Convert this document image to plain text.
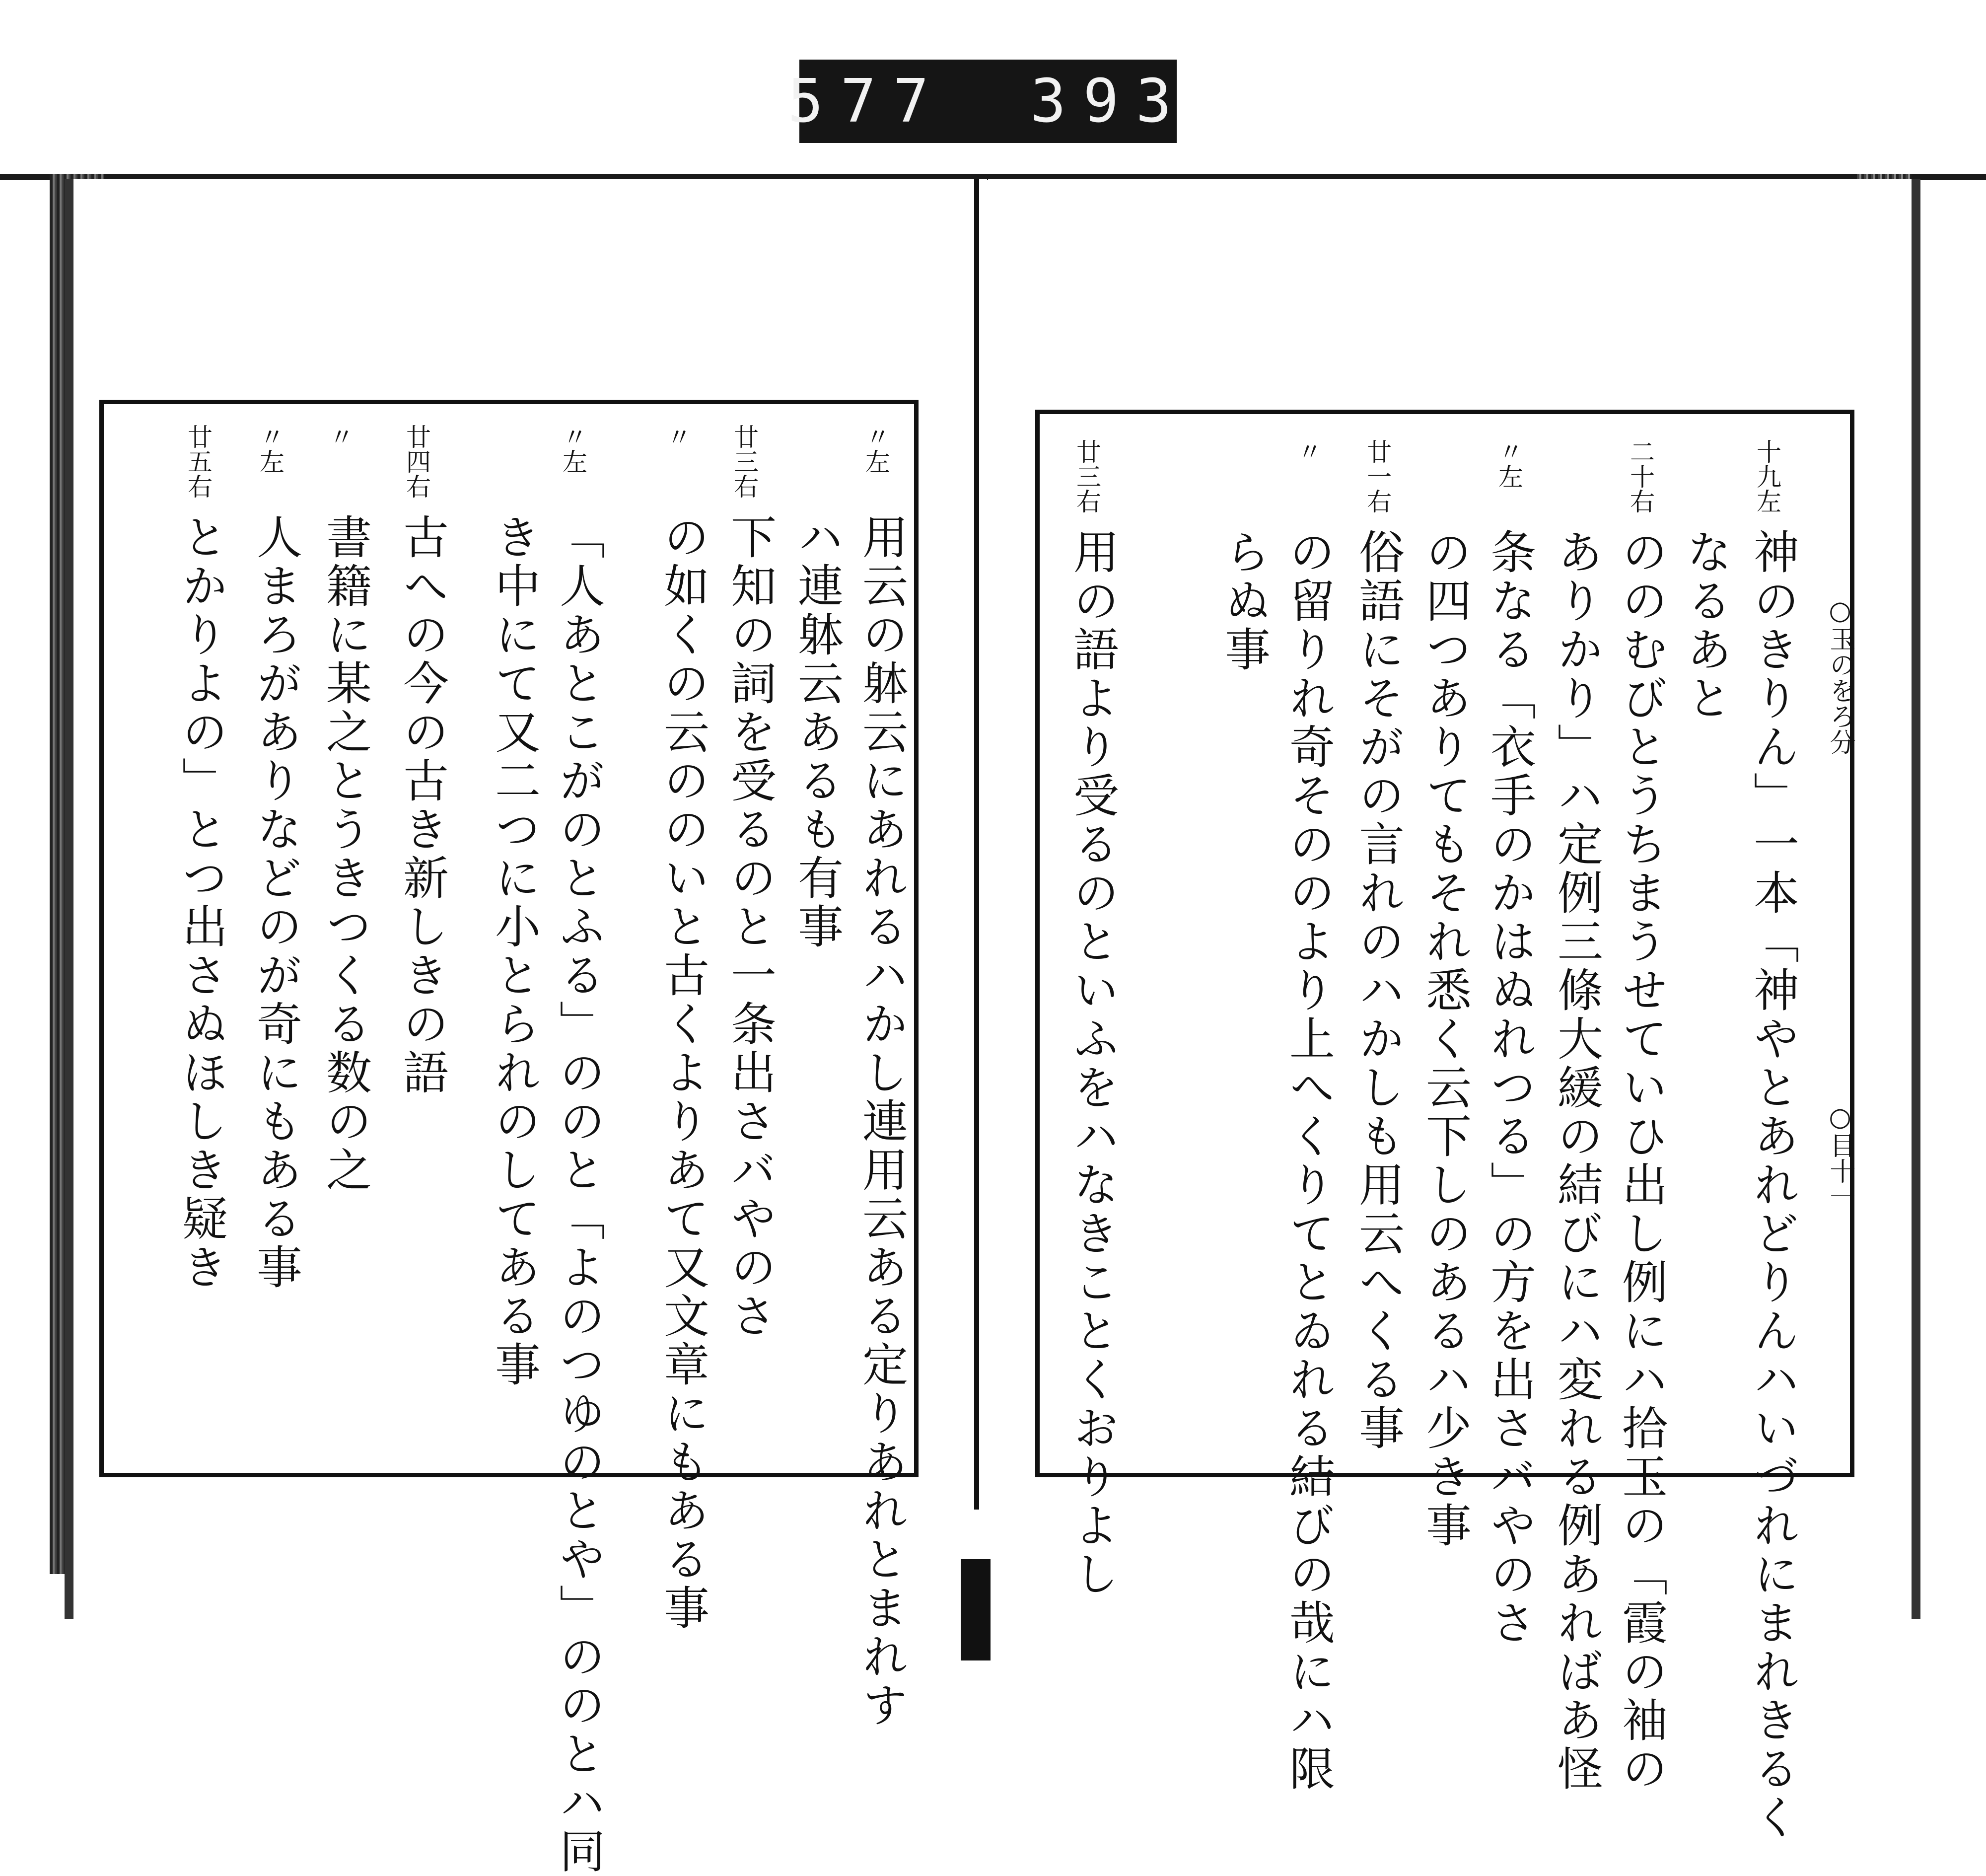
577 393
十九左
神のきりん」一本「神やとあれどりんハいづれにまれきるく
なるあと
二十右
ののむびとうちまうせていひ出し例にハ拾玉の「霞の袖の
ありかり」ハ定例三條大緩の結びにハ変れる例あればあ怪
〃左
条なる「衣手のかはぬれつる」の方を出さバやのさ
の四つありてもそれ悉く云下しのあるハ少き事
廿一右
俗語にそがの言れのハかしも用云へくる事
〃
の留りれ奇そののより上へくりてとゐれる結びの哉にハ限
らぬ事
廿三右
用の語より受るのといふをハなきことくおりよし	○玉のをろ分
○目十一
〃左
用云の躰云にあれるハかし連用云ある定りあれとまれす
ハ連躰云あるも有事
廿三右
下知の詞を受るのと一条出さバやのさ
〃
の如くの云ののいと古くよりあて又文章にもある事
〃左
「人あとこがのとふる」ののと「よのつゆのとや」ののとハ同
き中にて又二つに小とられのしてある事
廿四右
古への今の古き新しきの語
〃
書籍に某之とうきつくる数の之
〃左
人まろがありなどのが奇にもある事
廿五右
とかりよの」とつ出さぬほしき疑き
